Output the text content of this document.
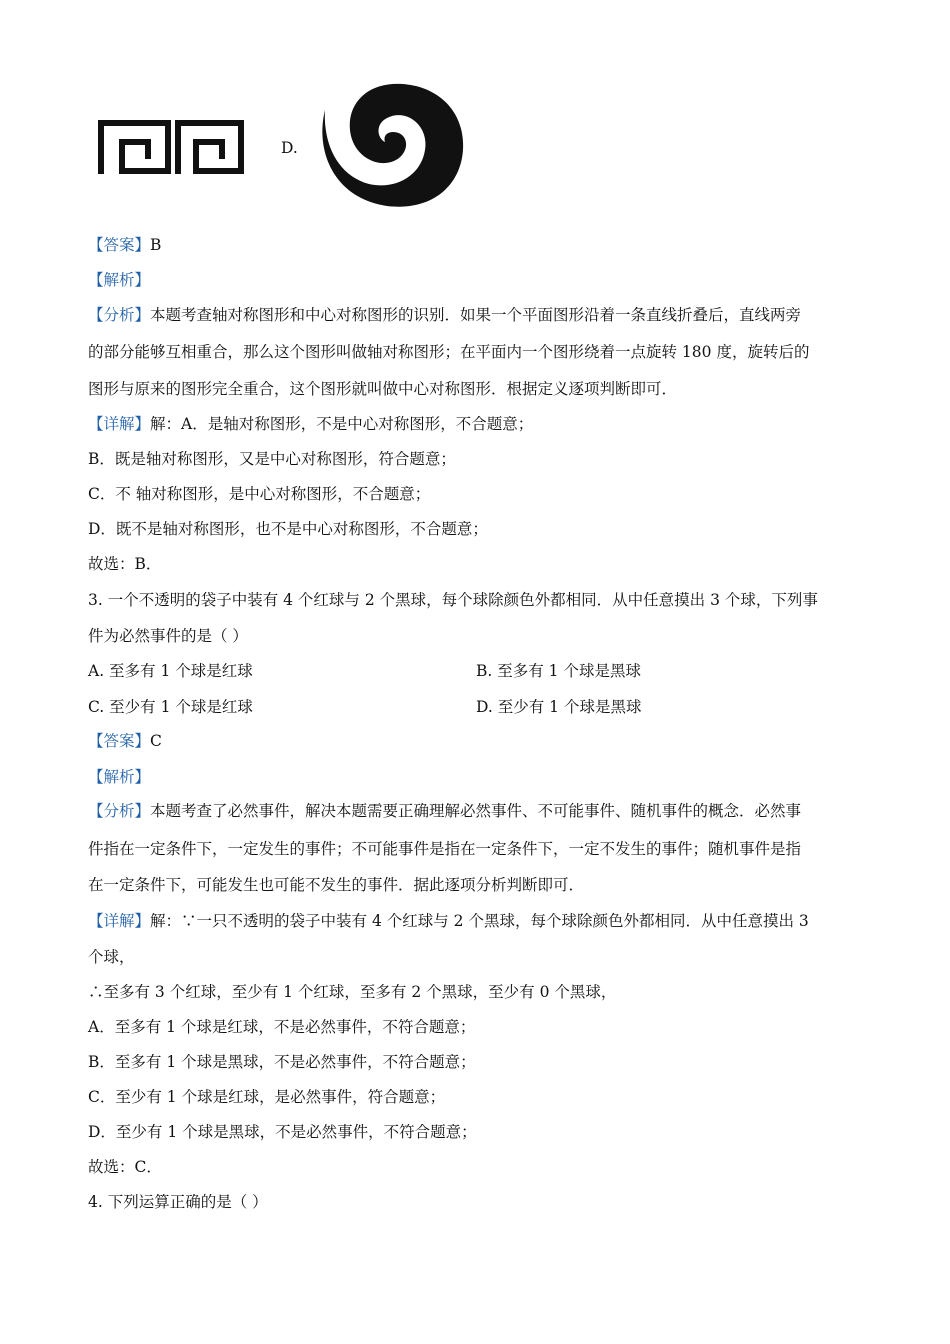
D.
【答案】B
【解析】
【分析】本题考查轴对称图形和中心对称图形的识别．如果一个平面图形沿着一条直线折叠后，直线两旁
的部分能够互相重合，那么这个图形叫做轴对称图形；在平面内一个图形绕着一点旋转 180 度，旋转后的
图形与原来的图形完全重合，这个图形就叫做中心对称图形．根据定义逐项判断即可．
【详解】解：A．是轴对称图形，不是中心对称图形，不合题意；
B．既是轴对称图形，又是中心对称图形，符合题意；
C．不 轴对称图形，是中心对称图形，不合题意；
D．既不是轴对称图形，也不是中心对称图形，不合题意；
故选：B．
3. 一个不透明的袋子中装有 4 个红球与 2 个黑球，每个球除颜色外都相同．从中任意摸出 3 个球，下列事
件为必然事件的是（ ）
A. 至多有 1 个球是红球	B. 至多有 1 个球是黑球
C. 至少有 1 个球是红球	D. 至少有 1 个球是黑球
【答案】C
【解析】
【分析】本题考查了必然事件，解决本题需要正确理解必然事件、不可能事件、随机事件的概念．必然事
件指在一定条件下，一定发生的事件；不可能事件是指在一定条件下，一定不发生的事件；随机事件是指
在一定条件下，可能发生也可能不发生的事件．据此逐项分析判断即可．
【详解】解：∵一只不透明的袋子中装有 4 个红球与 2 个黑球，每个球除颜色外都相同．从中任意摸出 3
个球，
∴至多有 3 个红球，至少有 1 个红球，至多有 2 个黑球，至少有 0 个黑球，
A．至多有 1 个球是红球，不是必然事件，不符合题意；
B．至多有 1 个球是黑球，不是必然事件，不符合题意；
C．至少有 1 个球是红球，是必然事件，符合题意；
D．至少有 1 个球是黑球，不是必然事件，不符合题意；
故选：C．
4. 下列运算正确的是（ ）
